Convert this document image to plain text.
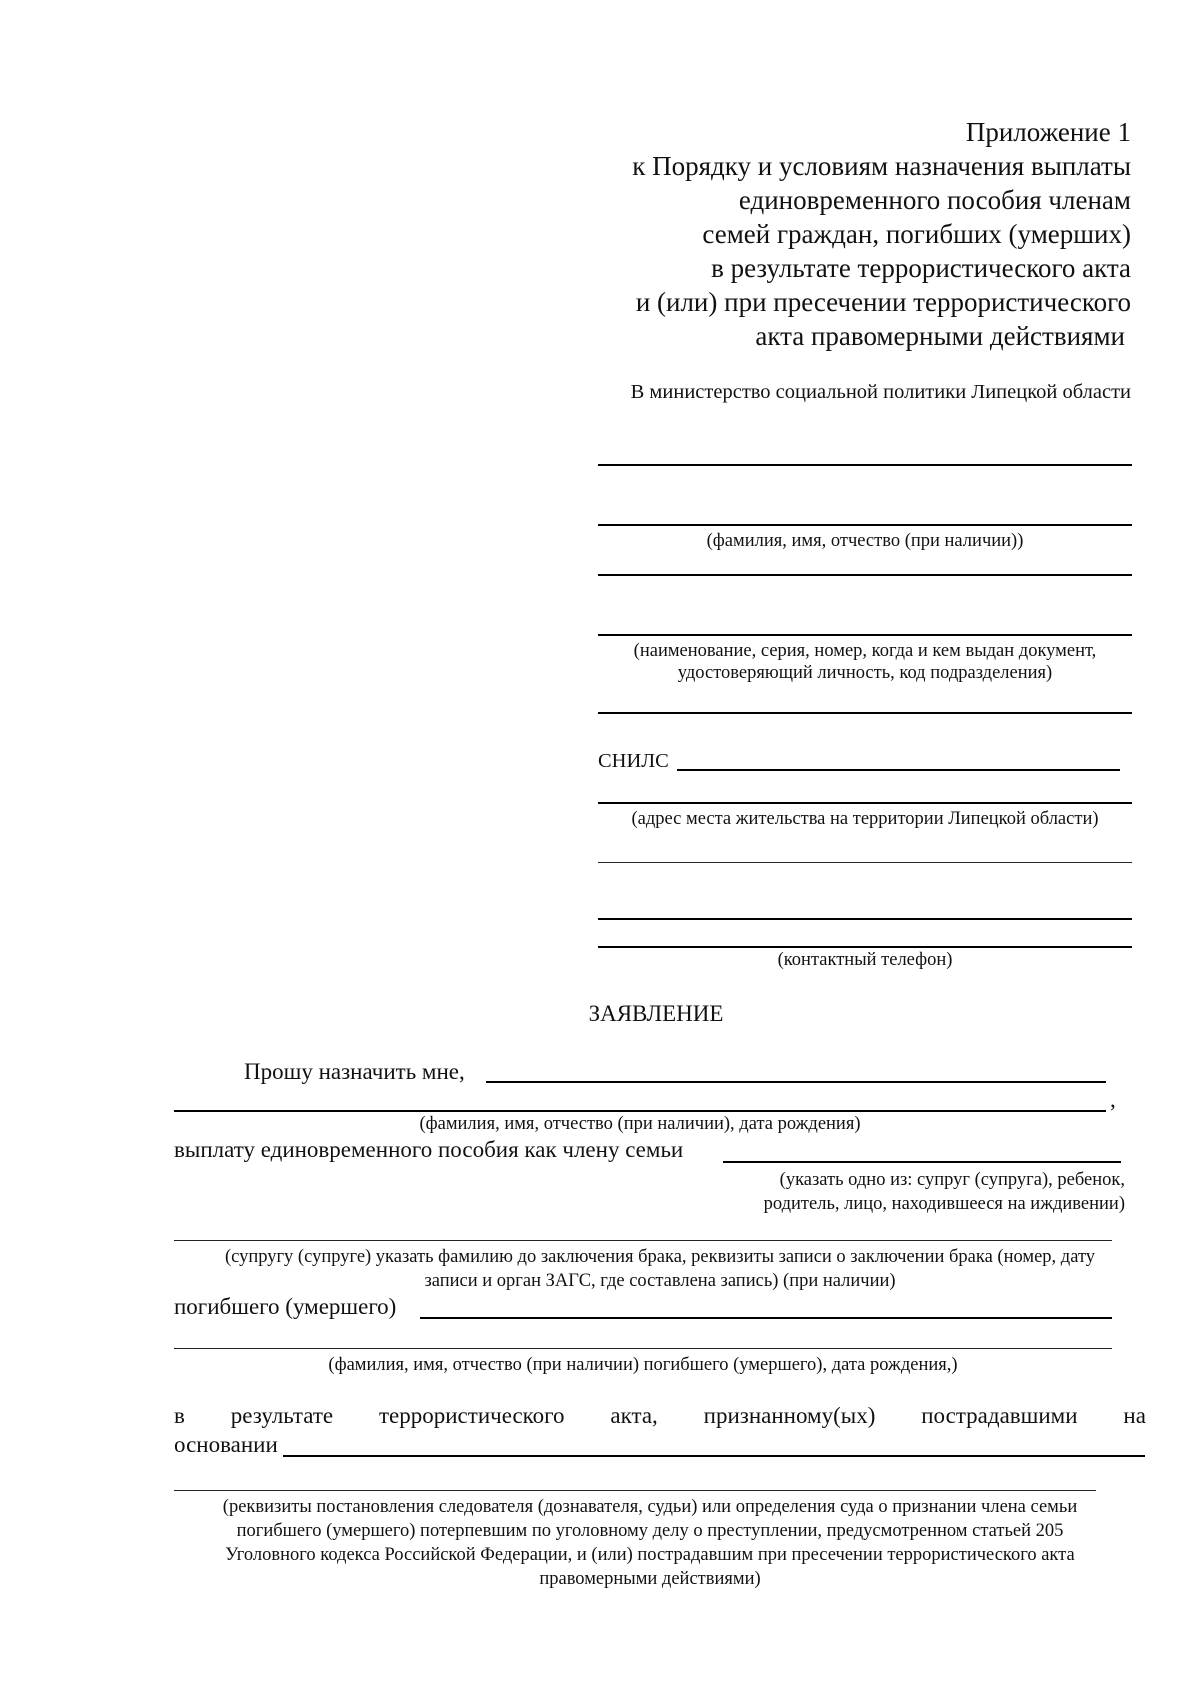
Приложение 1
к Порядку и условиям назначения выплаты
единовременного пособия членам
семей граждан, погибших (умерших)
в результате террористического акта
и (или) при пресечении террористического
акта правомерными действиями
В министерство социальной политики Липецкой области
(фамилия, имя, отчество (при наличии))
(наименование, серия, номер, когда и кем выдан документ,
удостоверяющий личность, код подразделения)
СНИЛС
(адрес места жительства на территории Липецкой области)
(контактный телефон)
ЗАЯВЛЕНИЕ
Прошу назначить мне,
,
(фамилия, имя, отчество (при наличии), дата рождения)
выплату единовременного пособия как члену семьи
(указать одно из: супруг (супруга), ребенок,
родитель, лицо, находившееся на иждивении)
(супругу (супруге) указать фамилию до заключения брака, реквизиты записи о заключении брака (номер, дату
записи и орган ЗАГС, где составлена запись) (при наличии)
погибшего (умершего)
(фамилия, имя, отчество (при наличии) погибшего (умершего), дата рождения,)
в результате террористического акта, признанному(ых) пострадавшими на
основании
(реквизиты постановления следователя (дознавателя, судьи) или определения суда о признании члена семьи
погибшего (умершего) потерпевшим по уголовному делу о преступлении, предусмотренном статьей 205
Уголовного кодекса Российской Федерации, и (или) пострадавшим при пресечении террористического акта
правомерными действиями)
